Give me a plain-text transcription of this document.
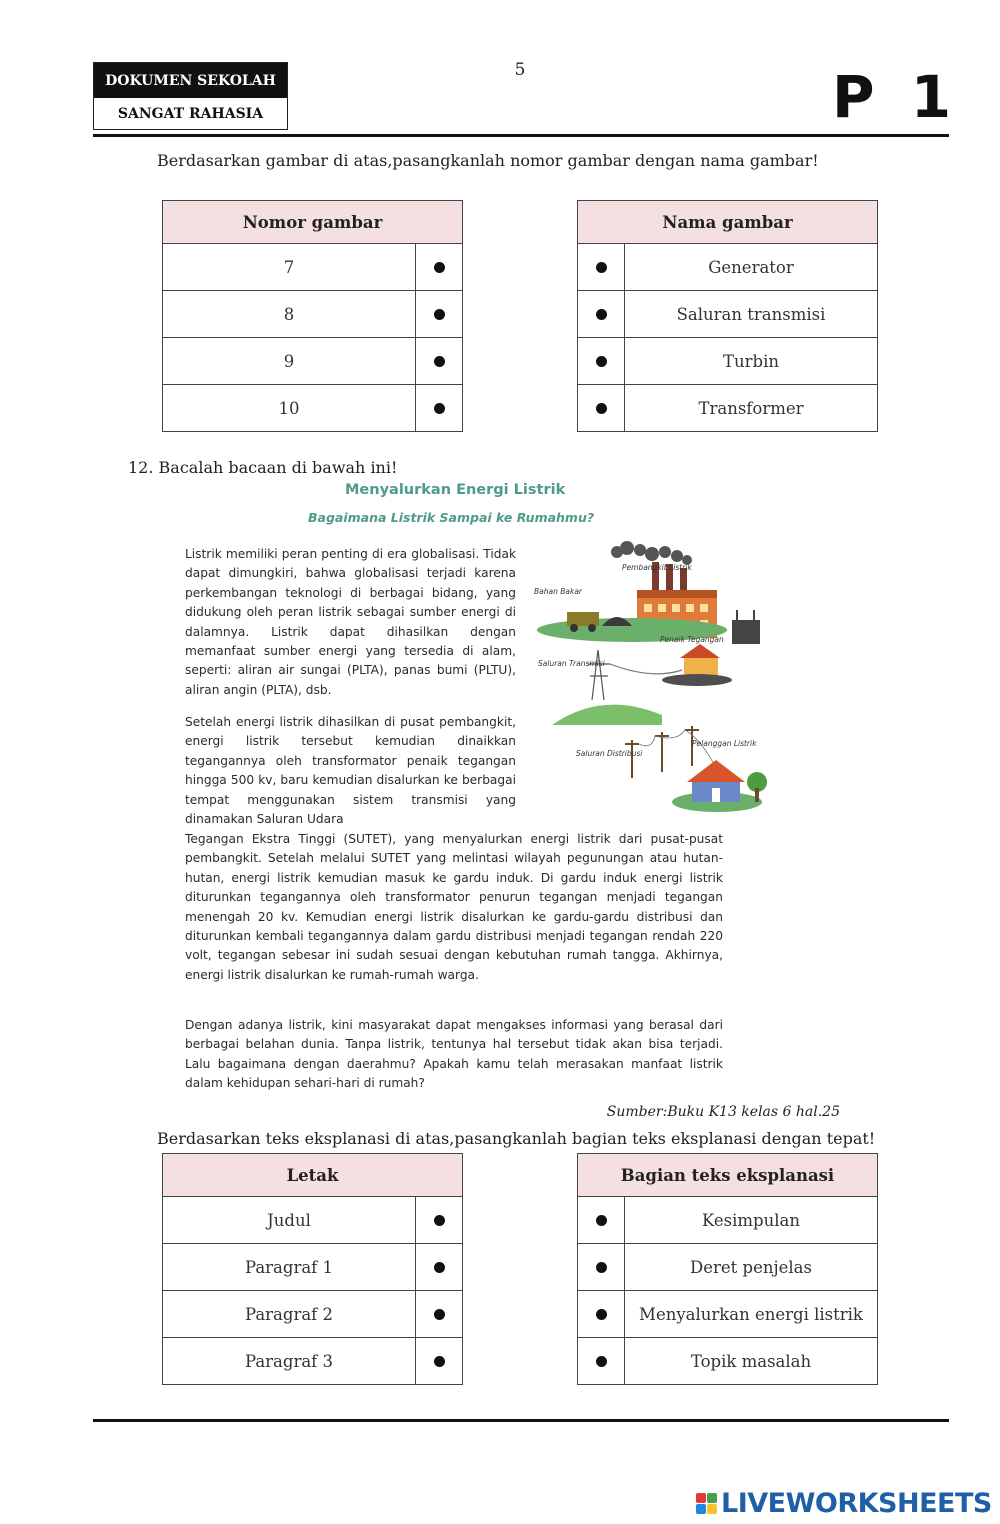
DOKUMEN SEKOLAH
SANGAT RAHASIA
5	P 1
Berdasarkan gambar di atas,pasangkanlah nomor gambar dengan nama gambar!
Nomor gambar	
7	
8	
9	
10	
Nama gambar	
	Generator
	Saluran transmisi
	Turbin
	Transformer
12. Bacalah bacaan di bawah ini!
Menyalurkan Energi Listrik
Bagaimana Listrik Sampai ke Rumahmu?
Listrik memiliki peran penting di era globalisasi. Tidak dapat dimungkiri, bahwa globalisasi terjadi karena perkembangan teknologi di berbagai bidang, yang didukung oleh peran listrik sebagai sumber energi di dalamnya. Listrik dapat dihasilkan dengan memanfaat sumber energi yang tersedia di alam, seperti: aliran air sungai (PLTA), panas bumi (PLTU), aliran angin (PLTA), dsb.
Setelah energi listrik dihasilkan di pusat pembangkit, energi listrik tersebut kemudian dinaikkan tegangannya oleh transformator penaik tegangan hingga 500 kv, baru kemudian disalurkan ke berbagai tempat menggunakan sistem transmisi yang dinamakan Saluran Udara
Tegangan Ekstra Tinggi (SUTET), yang menyalurkan energi listrik dari pusat-pusat pembangkit. Setelah melalui SUTET yang melintasi wilayah pegunungan atau hutan-hutan, energi listrik kemudian masuk ke gardu induk. Di gardu induk energi listrik diturunkan tegangannya oleh transformator penurun tegangan menjadi tegangan menengah 20 kv. Kemudian energi listrik disalurkan ke gardu-gardu distribusi dan diturunkan kembali tegangannya dalam gardu distribusi menjadi tegangan rendah 220 volt, tegangan sebesar ini sudah sesuai dengan kebutuhan rumah tangga. Akhirnya, energi listrik disalurkan ke rumah-rumah warga.
Dengan adanya listrik, kini masyarakat dapat mengakses informasi yang berasal dari berbagai belahan dunia. Tanpa listrik, tentunya hal tersebut tidak akan bisa terjadi. Lalu bagaimana dengan daerahmu? Apakah kamu telah merasakan manfaat listrik dalam kehidupan sehari-hari di rumah?
Pembangkit Listrik
Bahan Bakar
Penaik Tegangan
Saluran Transmisi
Saluran Distribusi
Pelanggan Listrik
Sumber:Buku K13 kelas 6 hal.25
Berdasarkan teks eksplanasi di atas,pasangkanlah bagian teks eksplanasi dengan tepat!
Letak	
Judul	
Paragraf 1	
Paragraf 2	
Paragraf 3	
Bagian teks eksplanasi	
	Kesimpulan
	Deret penjelas
	Menyalurkan energi listrik
	Topik masalah
LIVEWORKSHEETS
